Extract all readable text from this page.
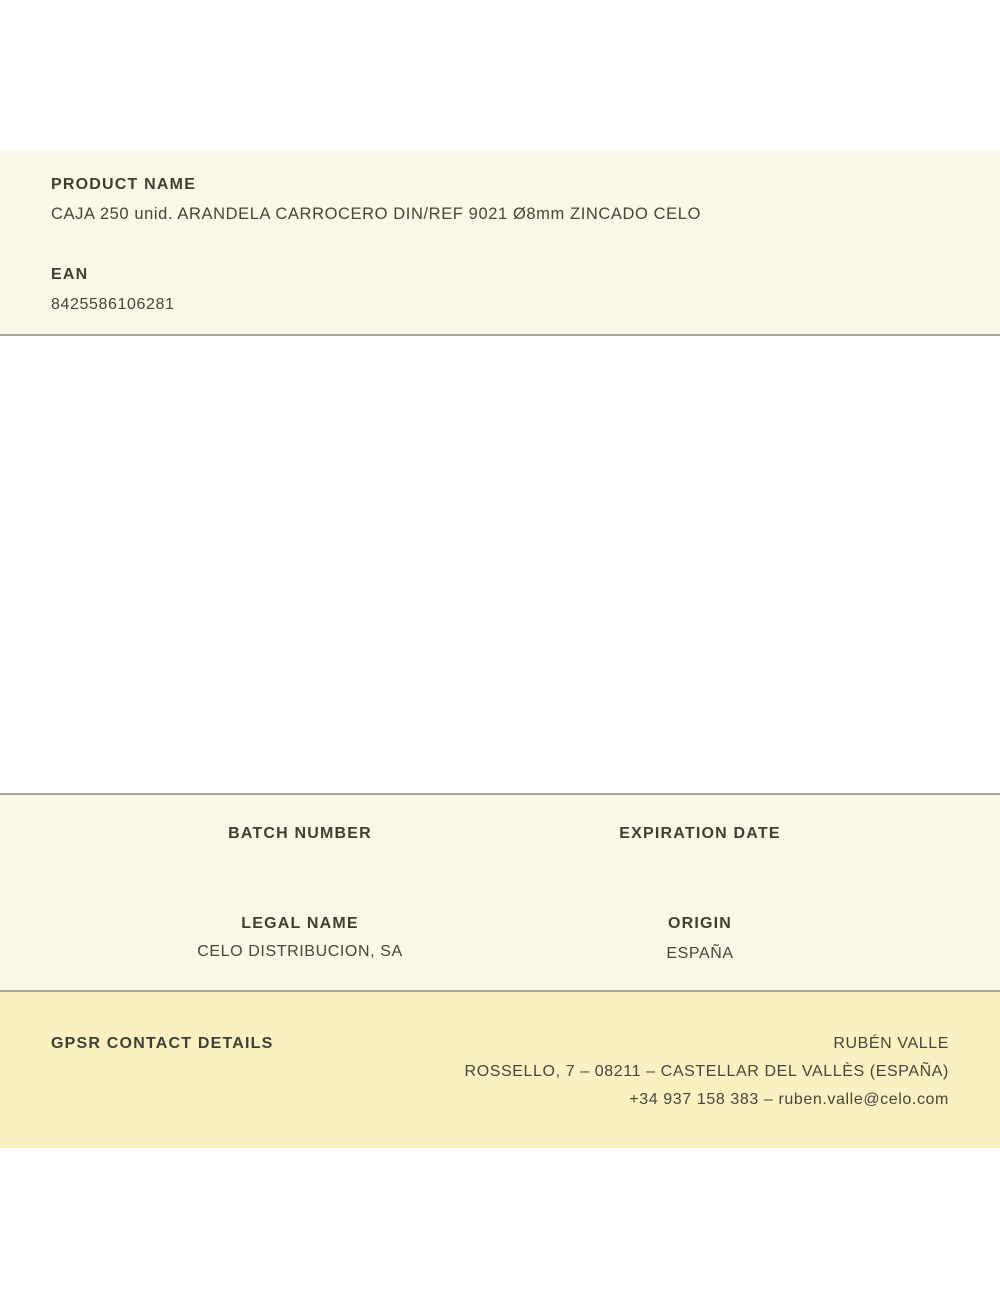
PRODUCT NAME
CAJA 250 unid. ARANDELA CARROCERO DIN/REF 9021 Ø8mm ZINCADO CELO
EAN
8425586106281
BATCH NUMBER	EXPIRATION DATE
LEGAL NAME
CELO DISTRIBUCION, SA
ORIGIN
ESPAÑA
GPSR CONTACT DETAILS	RUBÉN VALLE
ROSSELLO, 7 – 08211 – CASTELLAR DEL VALLÈS (ESPAÑA)
+34 937 158 383 – ruben.valle@celo.com
